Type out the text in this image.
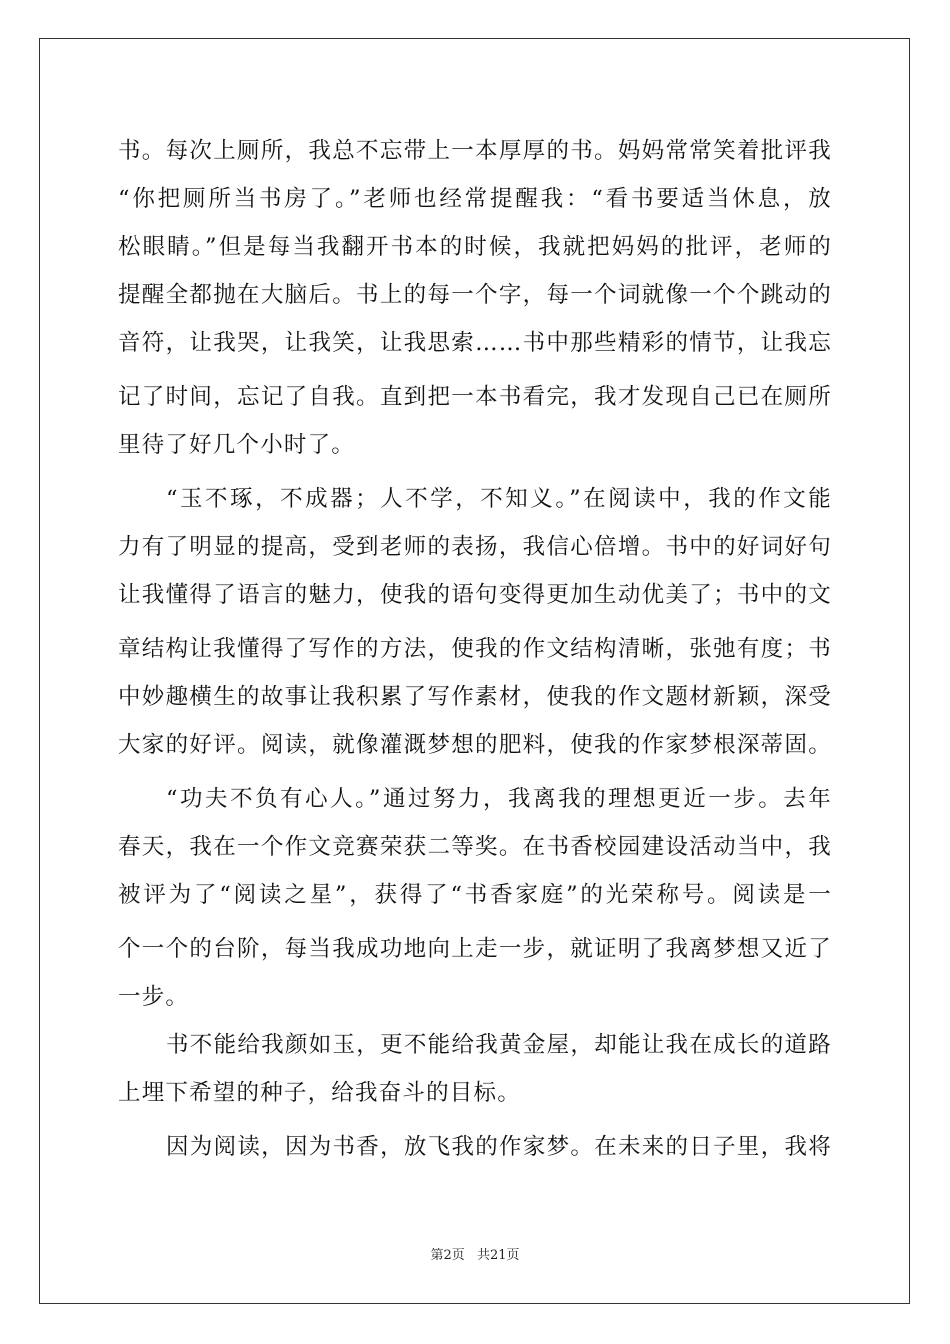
书。每次上厕所，我总不忘带上一本厚厚的书。妈妈常常笑着批评我
“你把厕所当书房了。”老师也经常提醒我：“看书要适当休息，放
松眼睛。”但是每当我翻开书本的时候，我就把妈妈的批评，老师的
提醒全都抛在大脑后。书上的每一个字，每一个词就像一个个跳动的
音符，让我哭，让我笑，让我思索……书中那些精彩的情节，让我忘
记了时间，忘记了自我。直到把一本书看完，我才发现自己已在厕所
里待了好几个小时了。
“玉不琢，不成器；人不学，不知义。”在阅读中，我的作文能
力有了明显的提高，受到老师的表扬，我信心倍增。书中的好词好句
让我懂得了语言的魅力，使我的语句变得更加生动优美了；书中的文
章结构让我懂得了写作的方法，使我的作文结构清晰，张弛有度；书
中妙趣横生的故事让我积累了写作素材，使我的作文题材新颖，深受
大家的好评。阅读，就像灌溉梦想的肥料，使我的作家梦根深蒂固。
“功夫不负有心人。”通过努力，我离我的理想更近一步。去年
春天，我在一个作文竞赛荣获二等奖。在书香校园建设活动当中，我
被评为了“阅读之星”，获得了“书香家庭”的光荣称号。阅读是一
个一个的台阶，每当我成功地向上走一步，就证明了我离梦想又近了
一步。
书不能给我颜如玉，更不能给我黄金屋，却能让我在成长的道路
上埋下希望的种子，给我奋斗的目标。
因为阅读，因为书香，放飞我的作家梦。在未来的日子里，我将
第2页 共21页
